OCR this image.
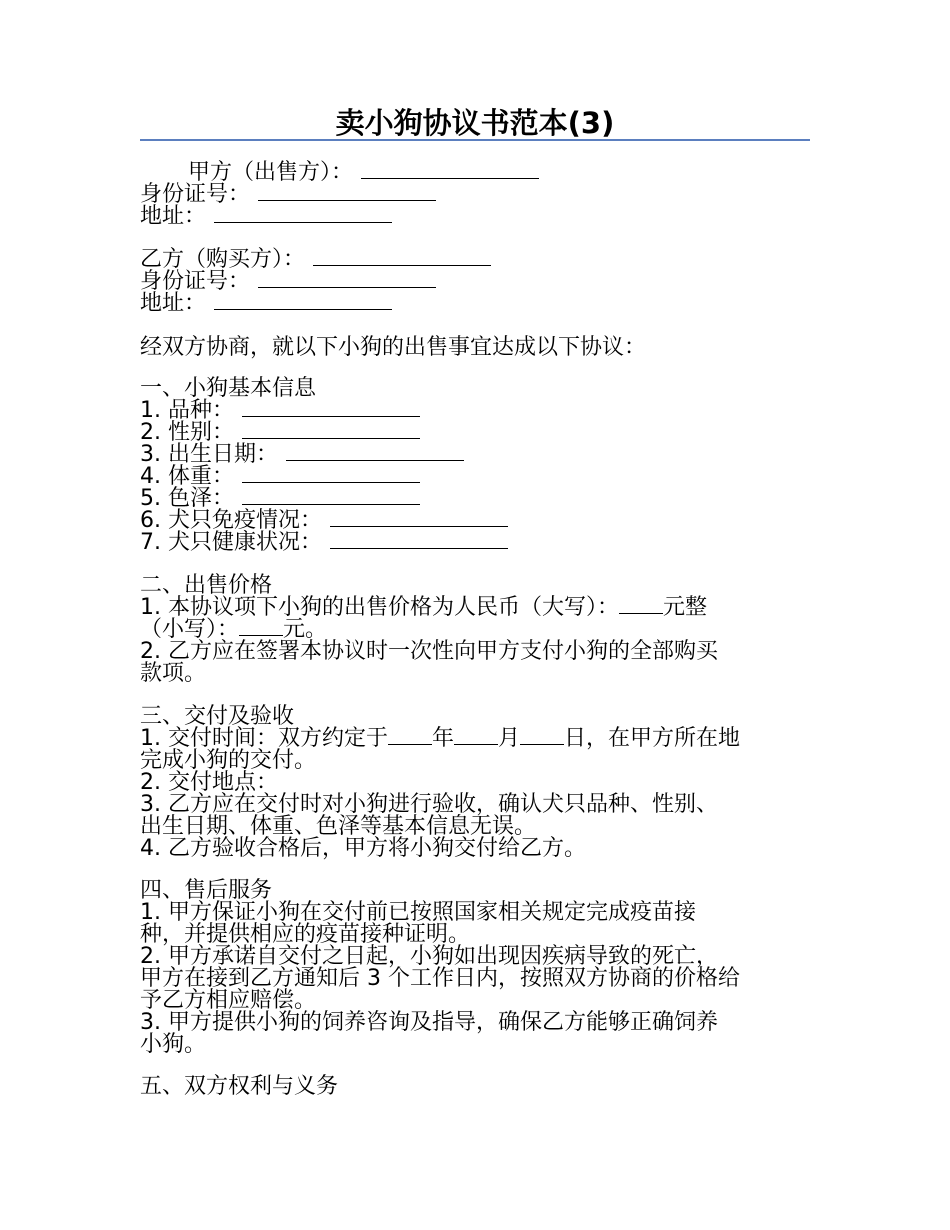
卖小狗协议书范本(3)
甲方（出售方）：
身份证号：
地址：
乙方（购买方）：
身份证号：
地址：
经双方协商，就以下小狗的出售事宜达成以下协议：
一、小狗基本信息
1. 品种：
2. 性别：
3. 出生日期：
4. 体重：
5. 色泽：
6. 犬只免疫情况：
7. 犬只健康状况：
二、出售价格
1. 本协议项下小狗的出售价格为人民币（大写）： 元整
（小写）： 元。
2. 乙方应在签署本协议时一次性向甲方支付小狗的全部购买
款项。
三、交付及验收
1. 交付时间：双方约定于 年 月 日，在甲方所在地
完成小狗的交付。
2. 交付地点：
3. 乙方应在交付时对小狗进行验收，确认犬只品种、性别、
出生日期、体重、色泽等基本信息无误。
4. 乙方验收合格后，甲方将小狗交付给乙方。
四、售后服务
1. 甲方保证小狗在交付前已按照国家相关规定完成疫苗接
种，并提供相应的疫苗接种证明。
2. 甲方承诺自交付之日起，小狗如出现因疾病导致的死亡，
甲方在接到乙方通知后 3 个工作日内，按照双方协商的价格给
予乙方相应赔偿。
3. 甲方提供小狗的饲养咨询及指导，确保乙方能够正确饲养
小狗。
五、双方权利与义务
